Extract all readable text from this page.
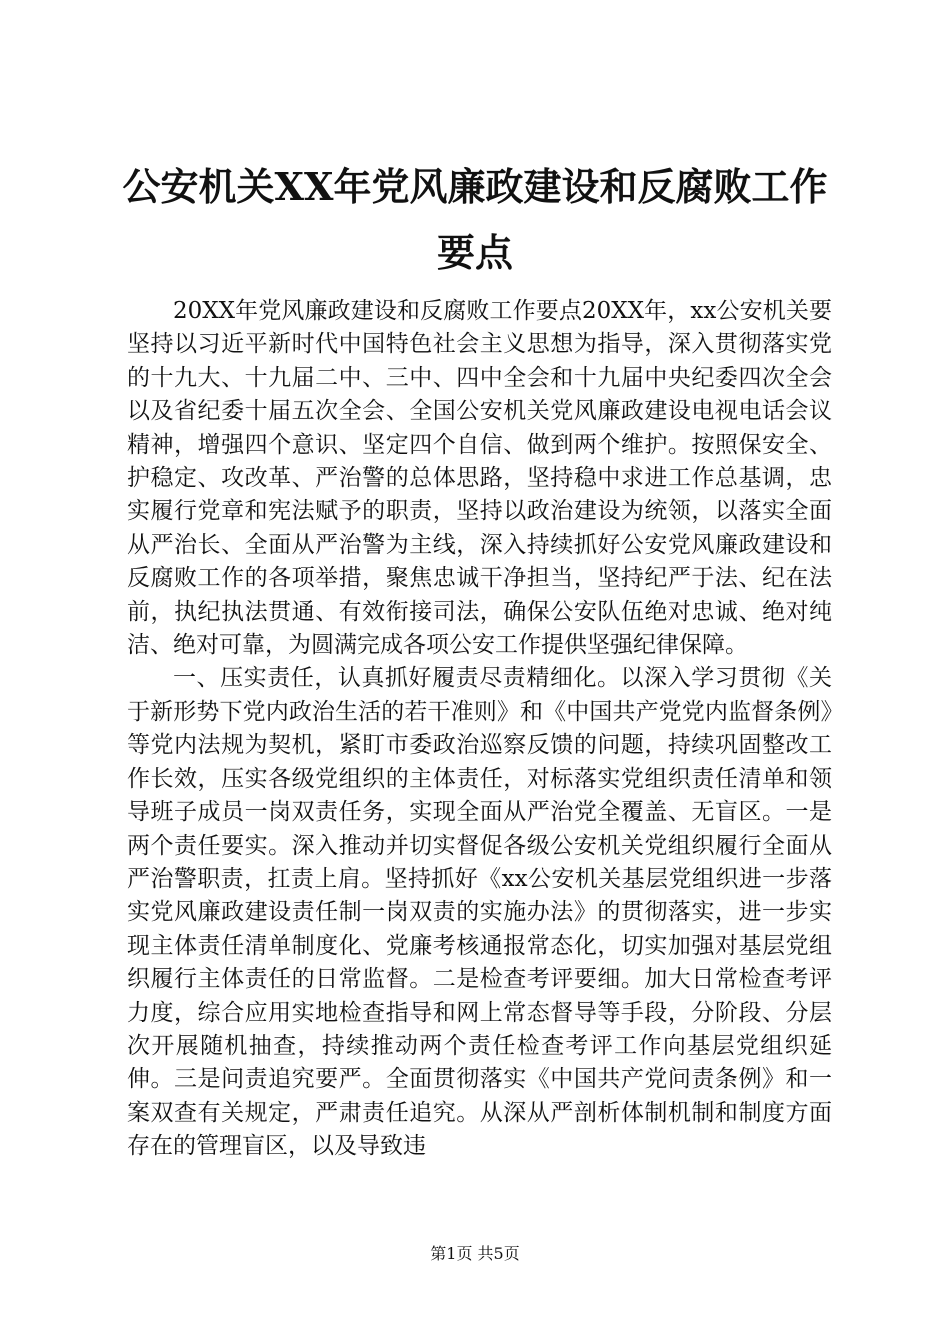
公安机关XX年党风廉政建设和反腐败工作要点

20XX年党风廉政建设和反腐败工作要点20XX年，xx公安机关要坚持以习近平新时代中国特色社会主义思想为指导，深入贯彻落实党的十九大、十九届二中、三中、四中全会和十九届中央纪委四次全会以及省纪委十届五次全会、全国公安机关党风廉政建设电视电话会议精神，增强四个意识、坚定四个自信、做到两个维护。按照保安全、护稳定、攻改革、严治警的总体思路，坚持稳中求进工作总基调，忠实履行党章和宪法赋予的职责，坚持以政治建设为统领，以落实全面从严治长、全面从严治警为主线，深入持续抓好公安党风廉政建设和反腐败工作的各项举措，聚焦忠诚干净担当，坚持纪严于法、纪在法前，执纪执法贯通、有效衔接司法，确保公安队伍绝对忠诚、绝对纯洁、绝对可靠，为圆满完成各项公安工作提供坚强纪律保障。

一、压实责任，认真抓好履责尽责精细化。以深入学习贯彻《关于新形势下党内政治生活的若干准则》和《中国共产党党内监督条例》等党内法规为契机，紧盯市委政治巡察反馈的问题，持续巩固整改工作长效，压实各级党组织的主体责任，对标落实党组织责任清单和领导班子成员一岗双责任务，实现全面从严治党全覆盖、无盲区。一是两个责任要实。深入推动并切实督促各级公安机关党组织履行全面从严治警职责，扛责上肩。坚持抓好《xx公安机关基层党组织进一步落实党风廉政建设责任制一岗双责的实施办法》的贯彻落实，进一步实现主体责任清单制度化、党廉考核通报常态化，切实加强对基层党组织履行主体责任的日常监督。二是检查考评要细。加大日常检查考评力度，综合应用实地检查指导和网上常态督导等手段，分阶段、分层次开展随机抽查，持续推动两个责任检查考评工作向基层党组织延伸。三是问责追究要严。全面贯彻落实《中国共产党问责条例》和一案双查有关规定，严肃责任追究。从深从严剖析体制机制和制度方面存在的管理盲区，以及导致违

第1页 共5页
